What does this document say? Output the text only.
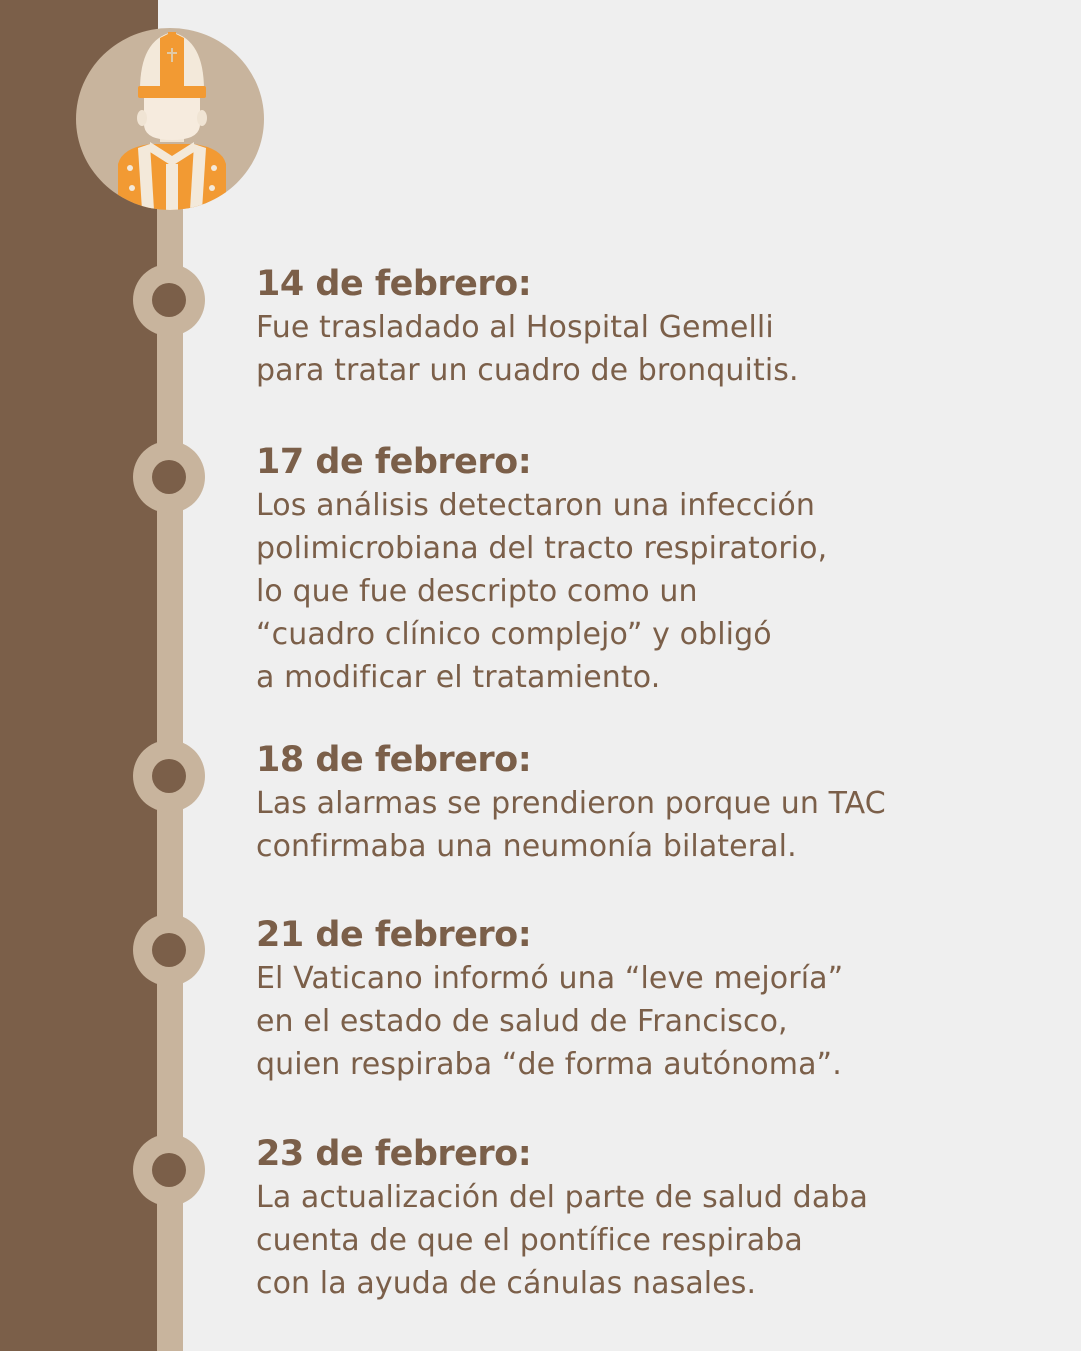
14 de febrero:
Fue trasladado al Hospital Gemelli
para tratar un cuadro de bronquitis.
17 de febrero:
Los análisis detectaron una infección
polimicrobiana del tracto respiratorio,
lo que fue descripto como un
“cuadro clínico complejo” y obligó
a modificar el tratamiento.
18 de febrero:
Las alarmas se prendieron porque un TAC
confirmaba una neumonía bilateral.
21 de febrero:
El Vaticano informó una “leve mejoría”
en el estado de salud de Francisco,
quien respiraba “de forma autónoma”.
23 de febrero:
La actualización del parte de salud daba
cuenta de que el pontífice respiraba
con la ayuda de cánulas nasales.
